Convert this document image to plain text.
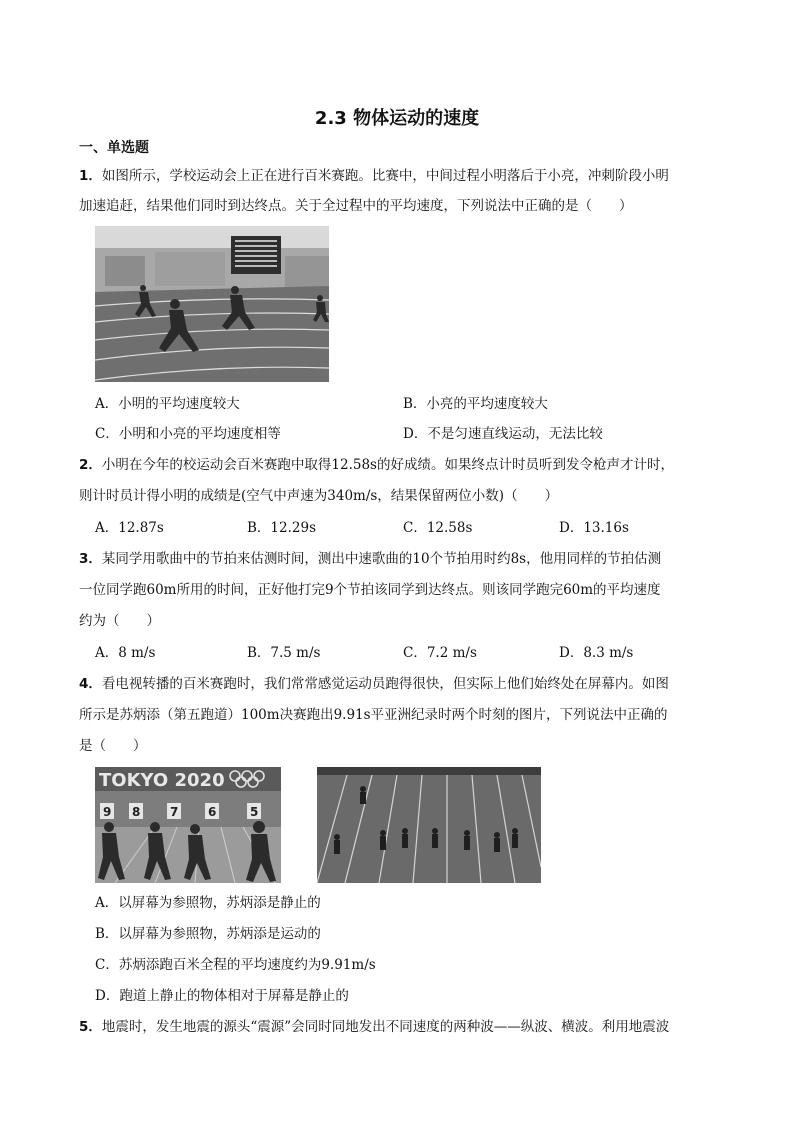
2.3 物体运动的速度
一、单选题
1．如图所示，学校运动会上正在进行百米赛跑。比赛中，中间过程小明落后于小亮，冲刺阶段小明
加速追赶，结果他们同时到达终点。关于全过程中的平均速度，下列说法中正确的是（　　）
A．小明的平均速度较大	B．小亮的平均速度较大
C．小明和小亮的平均速度相等	D．不是匀速直线运动，无法比较
2．小明在今年的校运动会百米赛跑中取得12.58s的好成绩。如果终点计时员听到发令枪声才计时，
则计时员计得小明的成绩是(空气中声速为340m/s，结果保留两位小数)（　　）
A．12.87s	B．12.29s	C．12.58s	D．13.16s
3．某同学用歌曲中的节拍来估测时间，测出中速歌曲的10个节拍用时约8s，他用同样的节拍估测
一位同学跑60m所用的时间，正好他打完9个节拍该同学到达终点。则该同学跑完60m的平均速度
约为（　　）
A．8 m/s	B．7.5 m/s	C．7.2 m/s	D．8.3 m/s
4．看电视转播的百米赛跑时，我们常常感觉运动员跑得很快，但实际上他们始终处在屏幕内。如图
所示是苏炳添（第五跑道）100m决赛跑出9.91s平亚洲纪录时两个时刻的图片，下列说法中正确的
是（　　）
TOKYO 2020
9 8 7 6	5
A．以屏幕为参照物，苏炳添是静止的
B．以屏幕为参照物，苏炳添是运动的
C．苏炳添跑百米全程的平均速度约为9.91m/s
D．跑道上静止的物体相对于屏幕是静止的
5．地震时，发生地震的源头“震源”会同时同地发出不同速度的两种波——纵波、横波。利用地震波
